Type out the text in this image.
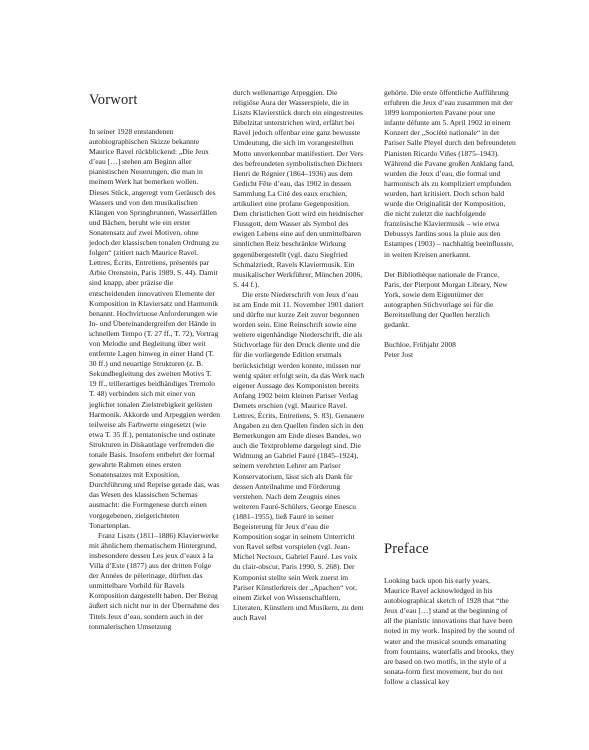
Vorwort

In seiner 1928 entstandenen autobiographischen Skizze bekannte Maurice Ravel rückblickend: „Die Jeux d’eau […] stehen am Beginn aller pianistischen Neuerungen, die man in meinem Werk hat bemerken wollen. Dieses Stück, angeregt vom Geräusch des Wassers und von den musikalischen Klängen von Springbrunnen, Wasserfällen und Bächen, beruht wie ein erster Sonatensatz auf zwei Motiven, ohne jedoch der klassischen tonalen Ordnung zu folgen“ (zitiert nach Maurice Ravel. Lettres, Écrits, Entretiens, présentés par Arbie Orenstein, Paris 1989, S. 44). Damit sind knapp, aber präzise die entscheidenden innovativen Elemente der Komposition in Klaviersatz und Harmonik benannt. Hochvirtuose Anforderungen wie In- und Übereinandergreifen der Hände in schnellem Tempo (T. 27 ff., T. 72), Vortrag von Melodie und Begleitung über weit entfernte Lagen hinweg in einer Hand (T. 30 ff.) und neuartige Strukturen (z. B. Sekundbegleitung des zweiten Motivs T. 19 ff., trillerartiges beidhändiges Tremolo T. 48) verbinden sich mit einer von jeglicher tonalen Zielstrebigkeit gelösten Harmonik. Akkorde und Arpeggien werden teilweise als Farbwerte eingesetzt (wie etwa T. 35 ff.), pentatonische und ostinate Strukturen in Diskantlage verfremden die tonale Basis. Insofern entbehrt der formal gewahrte Rahmen eines ersten Sonatensatzes mit Exposition, Durchführung und Reprise gerade das, was das Wesen des klassischen Schemas ausmacht: die Formgenese durch einen vorgegebenen, zielgerichteten Tonartenplan.

Franz Liszts (1811–1886) Klavierwerke mit ähnlichem thematischem Hintergrund, insbesondere dessen Les jeux d’eaux à la Villa d’Este (1877) aus der dritten Folge der Années de pèlerinage, dürften das unmittelbare Vorbild für Ravels Komposition dargestellt haben. Der Bezug äußert sich nicht nur in der Übernahme des Titels Jeux d’eau, sondern auch in der tonmalerischen Umsetzung

durch wellenartige Arpeggien. Die religiöse Aura der Wasserspiele, die in Liszts Klavierstück durch ein eingestreutes Bibelzitat unterstrichen wird, erfährt bei Ravel jedoch offenbar eine ganz bewusste Umdeutung, die sich im vorangestellten Motto unverkennbar manifestiert. Der Vers des befreundeten symbolistischen Dichters Henri de Régnier (1864–1936) aus dem Gedicht Fête d’eau, das 1902 in dessen Sammlung La Cité des eaux erschien, artikuliert eine profane Gegenposition. Dem christlichen Gott wird ein heidnischer Flussgott, dem Wasser als Symbol des ewigen Lebens eine auf den unmittelbaren sinnlichen Reiz beschränkte Wirkung gegenübergestellt (vgl. dazu Siegfried Schmalzriedt, Ravels Klaviermusik. Ein musikalischer Werkführer, München 2006, S. 44 f.).

Die erste Niederschrift von Jeux d’eau ist am Ende mit 11. November 1901 datiert und dürfte nur kurze Zeit zuvor begonnen worden sein. Eine Reinschrift sowie eine weitere eigenhändige Niederschrift, die als Stichvorlage für den Druck diente und die für die vorliegende Edition erstmals berücksichtigt werden konnte, müssen nur wenig später erfolgt sein, da das Werk nach eigener Aussage des Komponisten bereits Anfang 1902 beim kleinen Pariser Verlag Demets erschien (vgl. Maurice Ravel. Lettres, Écrits, Entretiens, S. 83). Genauere Angaben zu den Quellen finden sich in den Bemerkungen am Ende dieses Bandes, wo auch die Textprobleme dargelegt sind. Die Widmung an Gabriel Fauré (1845–1924), seinem verehrten Lehrer am Pariser Konservatorium, lässt sich als Dank für dessen Anteilnahme und Förderung verstehen. Nach dem Zeugnis eines weiteren Fauré-Schülers, George Enescu (1881–1955), ließ Fauré in seiner Begeisterung für Jeux d’eau die Komposition sogar in seinem Unterricht von Ravel selbst vorspielen (vgl. Jean-Michel Nectoux, Gabriel Fauré. Les voix du clair-obscur, Paris 1990, S. 268). Der Komponist stellte sein Werk zuerst im Pariser Künstlerkreis der „Apachen“ vor, einem Zirkel von Wissenschaftlern, Literaten, Künstlern und Musikern, zu dem auch Ravel

gehörte. Die erste öffentliche Aufführung erfuhren die Jeux d’eau zusammen mit der 1899 komponierten Pavane pour une infante défunte am 5. April 1902 in einem Konzert der „Société nationale“ in der Pariser Salle Pleyel durch den befreundeten Pianisten Ricardo Viñes (1875–1943). Während die Pavane großen Anklang fand, wurden die Jeux d’eau, die formal und harmonisch als zu kompliziert empfunden wurden, hart kritisiert. Doch schon bald wurde die Originalität der Komposition, die nicht zuletzt die nachfolgende französische Klaviermusik – wie etwa Debussys Jardins sous la pluie aus den Estampes (1903) – nachhaltig beeinflusste, in weiten Kreisen anerkannt.

Der Bibliothèque nationale de France, Paris, der Pierpont Morgan Library, New York, sowie dem Eigentümer der autographen Stichvorlage sei für die Bereitstellung der Quellen herzlich gedankt.

Buchloe, Frühjahr 2008

Peter Jost

Preface

Looking back upon his early years, Maurice Ravel acknowledged in his autobiographical sketch of 1928 that “the Jeux d’eau […] stand at the beginning of all the pianistic innovations that have been noted in my work. Inspired by the sound of water and the musical sounds emanating from fountains, waterfalls and brooks, they are based on two motifs, in the style of a sonata-form first movement, but do not follow a classical key
